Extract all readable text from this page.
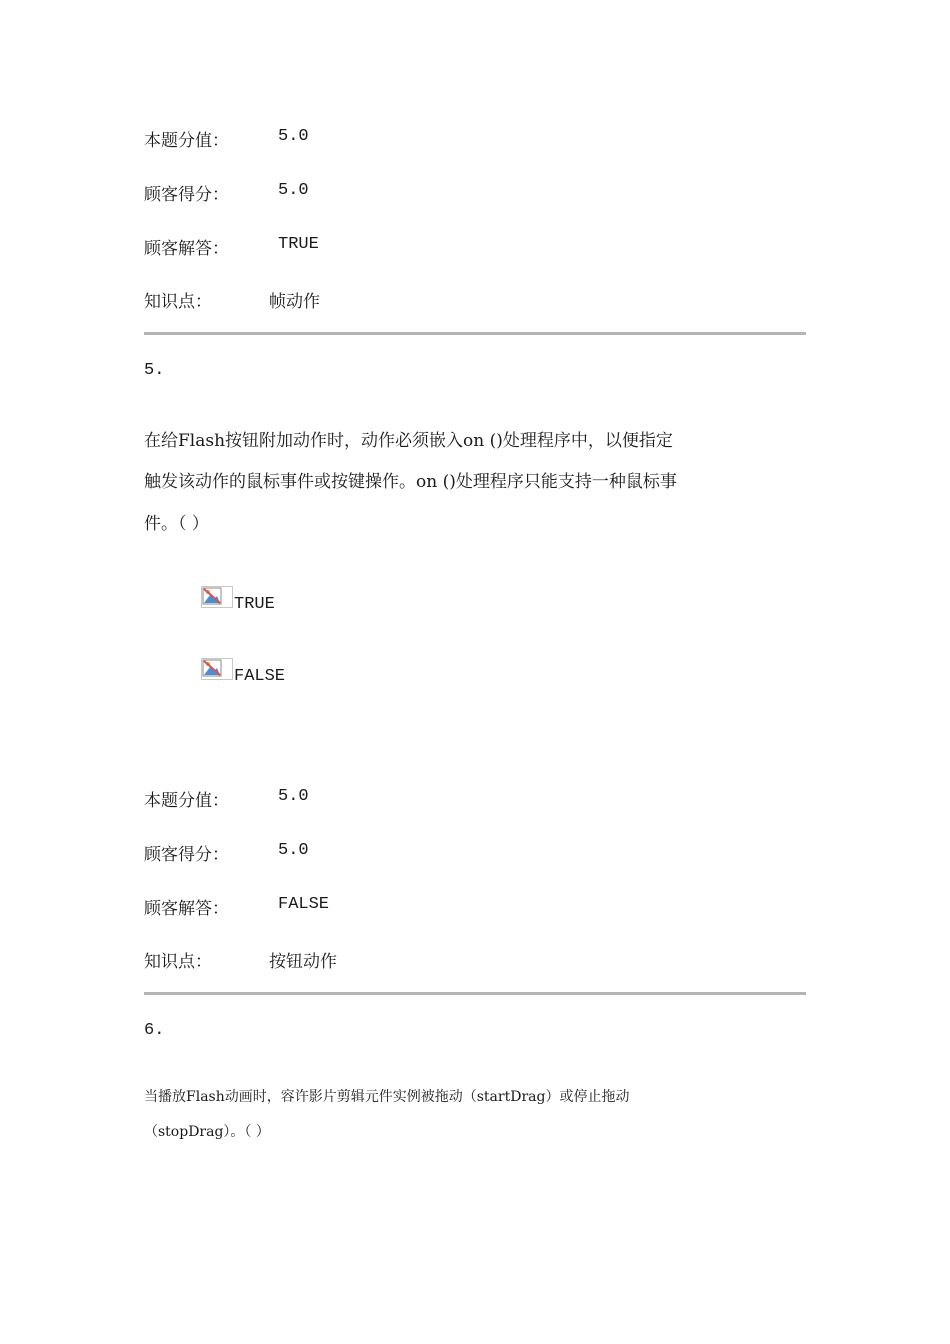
本题分值：	5.0
顾客得分：	5.0
顾客解答：	TRUE
知识点：	帧动作
5.
在给Flash按钮附加动作时，动作必须嵌入on ()处理程序中，以便指定
触发该动作的鼠标事件或按键操作。on ()处理程序只能支持一种鼠标事
件。（ ）
TRUE
FALSE
本题分值：	5.0
顾客得分：	5.0
顾客解答：	FALSE
知识点：	按钮动作
6.
当播放Flash动画时，容许影片剪辑元件实例被拖动（startDrag）或停止拖动
（stopDrag）。（ ）
